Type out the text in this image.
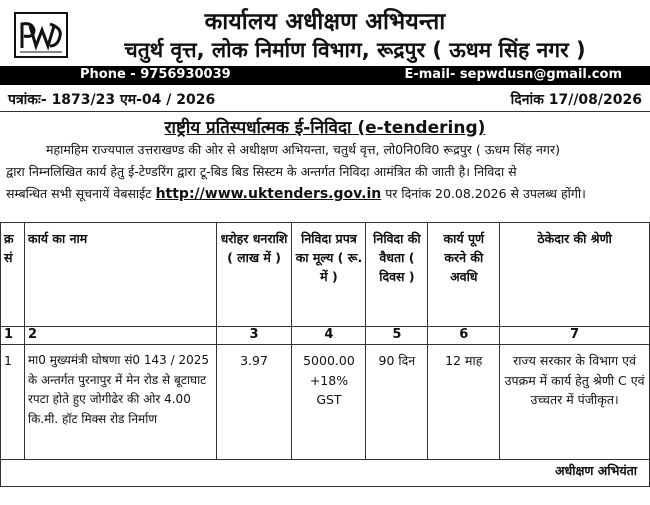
कार्यालय अधीक्षण अभियन्ता
चतुर्थ वृत्त, लोक निर्माण विभाग, रूद्रपुर ( ऊधम सिंह नगर )
Phone - 9756930039	E-mail- sepwdusn@gmail.com
पत्रांकः- 1873/23 एम-04 / 2026	दिनांक 17//08/2026
राष्ट्रीय प्रतिस्पर्धात्मक ई-निविदा (e-tendering)
महामहिम राज्यपाल उत्तराखण्ड की ओर से अधीक्षण अभियन्ता, चतुर्थ वृत्त, लो0नि0वि0 रूद्रपुर ( ऊधम सिंह नगर)
द्वारा निम्नलिखित कार्य हेतु ई-टेण्डरिंग द्वारा टू-बिड बिड सिस्टम के अन्तर्गत निविदा आमंत्रित की जाती है। निविदा से
सम्बन्धित सभी सूचनायें वेबसाईट http://www.uktenders.gov.in पर दिनांक 20.08.2026 से उपलब्ध होंगी।
क्र सं	कार्य का नाम	धरोहर धनराशि ( लाख में )	निविदा प्रपत्र का मूल्य ( रू. में )	निविदा की वैधता ( दिवस )	कार्य पूर्ण करने की अवधि	ठेकेदार की श्रेणी
1	2	3	4	5	6	7
1	मा0 मुख्यमंत्री घोषणा सं0 143 / 2025 के अन्तर्गत पुरनापुर में मेन रोड से बूटाघाट रपटा होते हुए जोगीढेर की ओर 4.00 कि.मी. हॉट मिक्स रोड निर्माण	3.97	5000.00 +18% GST	90 दिन	12 माह	राज्य सरकार के विभाग एवं उपक्रम में कार्य हेतु श्रेणी C एवं उच्चतर में पंजीकृत।
अधीक्षण अभियंता						
